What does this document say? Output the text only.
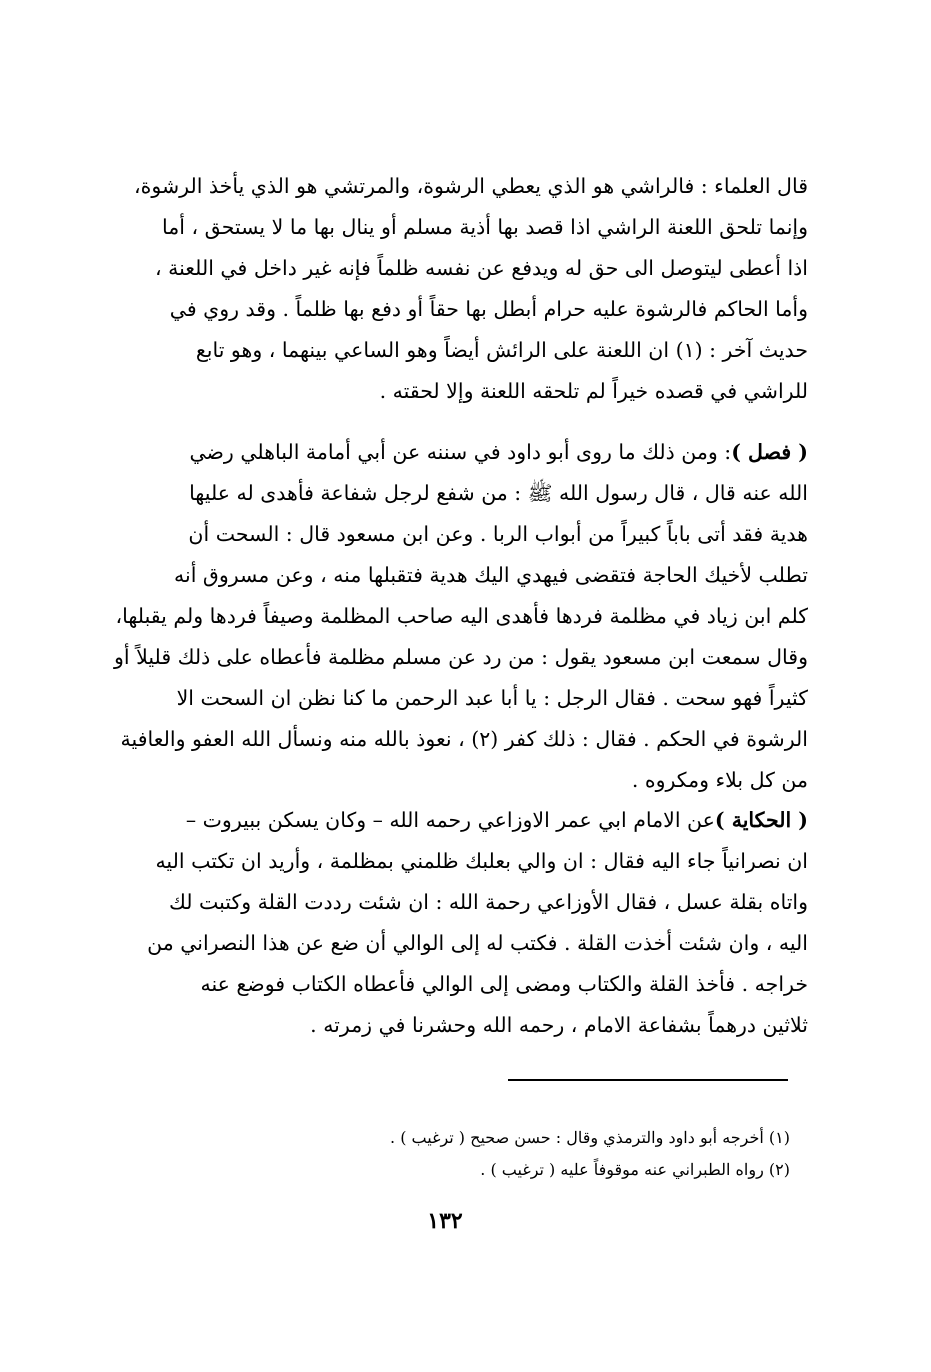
قال العلماء : فالراشي هو الذي يعطي الرشوة، والمرتشي هو الذي يأخذ الرشوة،
وإنما تلحق اللعنة الراشي اذا قصد بها أذية مسلم أو ينال بها ما لا يستحق ، أما
اذا أعطى ليتوصل الى حق له ويدفع عن نفسه ظلماً فإنه غير داخل في اللعنة ،
وأما الحاكم فالرشوة عليه حرام أبطل بها حقاً أو دفع بها ظلماً . وقد روي في
حديث آخر : (١) ان اللعنة على الرائش أيضاً وهو الساعي بينهما ، وهو تابع
للراشي في قصده خيراً لم تلحقه اللعنة وإلا لحقته .
( فصل ): ومن ذلك ما روى أبو داود في سننه عن أبي أمامة الباهلي رضي
الله عنه قال ، قال رسول الله ﷺ : من شفع لرجل شفاعة فأهدى له عليها
هدية فقد أتى باباً كبيراً من أبواب الربا . وعن ابن مسعود قال : السحت أن
تطلب لأخيك الحاجة فتقضى فيهدي اليك هدية فتقبلها منه ، وعن مسروق أنه
كلم ابن زياد في مظلمة فردها فأهدى اليه صاحب المظلمة وصيفاً فردها ولم يقبلها،
وقال سمعت ابن مسعود يقول : من رد عن مسلم مظلمة فأعطاه على ذلك قليلاً أو
كثيراً فهو سحت . فقال الرجل : يا أبا عبد الرحمن ما كنا نظن ان السحت الا
الرشوة في الحكم . فقال : ذلك كفر (٢) ، نعوذ بالله منه ونسأل الله العفو والعافية
من كل بلاء ومكروه .
( الحكاية )عن الامام ابي عمر الاوزاعي رحمه الله – وكان يسكن ببيروت –
ان نصرانياً جاء اليه فقال : ان والي بعلبك ظلمني بمظلمة ، وأريد ان تكتب اليه
واتاه بقلة عسل ، فقال الأوزاعي رحمة الله : ان شئت رددت القلة وكتبت لك
اليه ، وان شئت أخذت القلة . فكتب له إلى الوالي أن ضع عن هذا النصراني من
خراجه . فأخذ القلة والكتاب ومضى إلى الوالي فأعطاه الكتاب فوضع عنه
ثلاثين درهماً بشفاعة الامام ، رحمه الله وحشرنا في زمرته .
(١) أخرجه أبو داود والترمذي وقال : حسن صحيح ( ترغيب ) .
(٢) رواه الطبراني عنه موقوفاً عليه ( ترغيب ) .
١٣٢
